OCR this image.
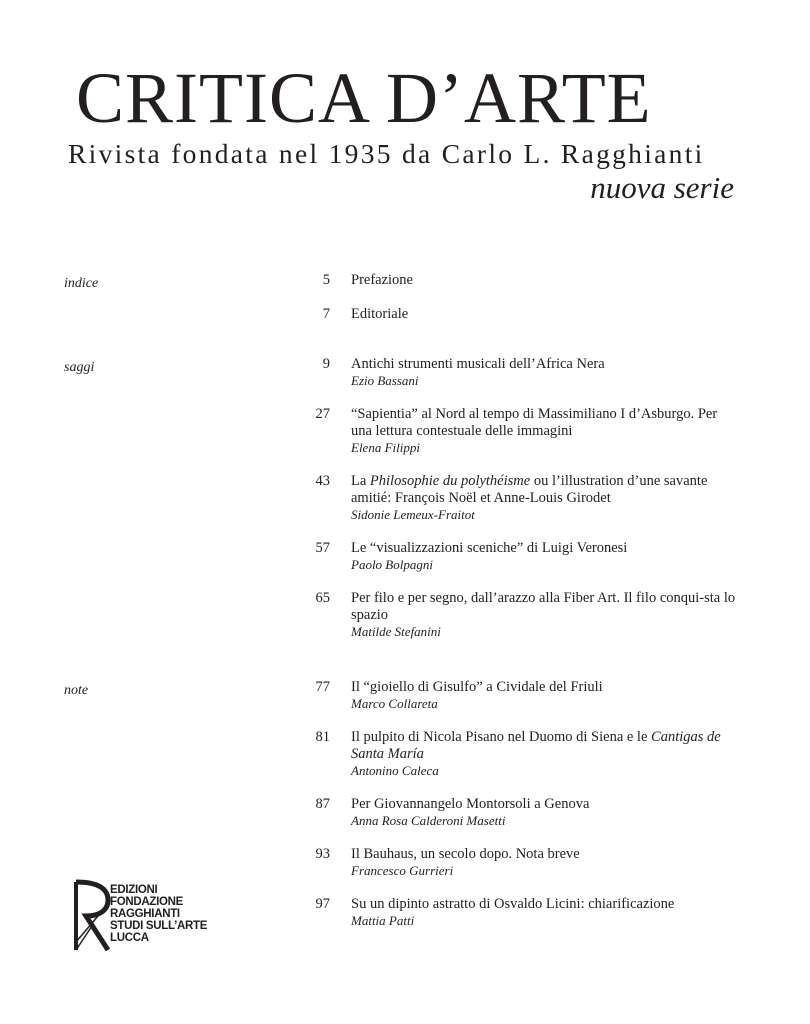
CRITICA D’ARTE

Rivista fondata nel 1935 da Carlo L. Ragghianti

nuova serie

indice	5 Prefazione
7 Editoriale
saggi	9 Antichi strumenti musicali dell’Africa Nera
Ezio Bassani
27 “Sapientia” al Nord al tempo di Massimiliano I d’Asburgo. Per una lettura contestuale delle immagini
Elena Filippi
43 La Philosophie du polythéisme ou l’illustration d’une savante amitié: François Noël et Anne-Louis Girodet
Sidonie Lemeux-Fraitot
57 Le “visualizzazioni sceniche” di Luigi Veronesi
Paolo Bolpagni
65 Per filo e per segno, dall’arazzo alla Fiber Art. Il filo conqui-sta lo spazio
Matilde Stefanini
note	77 Il “gioiello di Gisulfo” a Cividale del Friuli
Marco Collareta
81 Il pulpito di Nicola Pisano nel Duomo di Siena e le Cantigas de Santa María
Antonino Caleca
87 Per Giovannangelo Montorsoli a Genova
Anna Rosa Calderoni Masetti
93 Il Bauhaus, un secolo dopo. Nota breve
Francesco Gurrieri
97 Su un dipinto astratto di Osvaldo Licini: chiarificazione
Mattia Patti
EDIZIONI
FONDAZIONE
RAGGHIANTI
STUDI SULL’ARTE
LUCCA
